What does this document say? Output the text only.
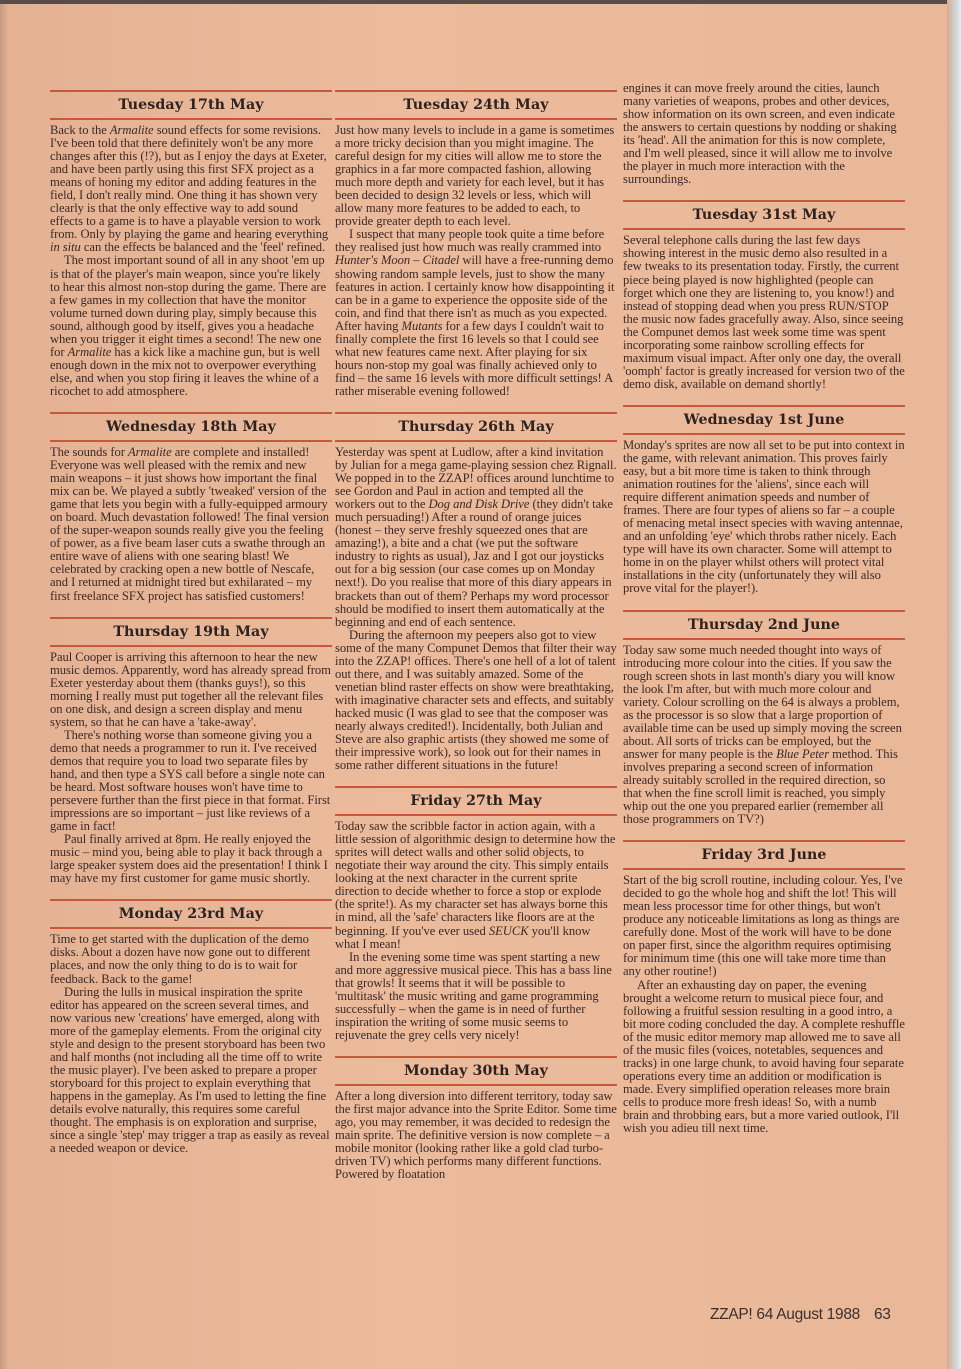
Tuesday 17th May

Back to the Armalite sound effects for some revisions. I've been told that there definitely won't be any more changes after this (!?), but as I enjoy the days at Exeter, and have been partly using this first SFX project as a means of honing my editor and adding features in the field, I don't really mind. One thing it has shown very clearly is that the only effective way to add sound effects to a game is to have a playable version to work from. Only by playing the game and hearing everything in situ can the effects be balanced and the 'feel' refined.

The most important sound of all in any shoot 'em up is that of the player's main weapon, since you're likely to hear this almost non-stop during the game. There are a few games in my collection that have the monitor volume turned down during play, simply because this sound, although good by itself, gives you a headache when you trigger it eight times a second! The new one for Armalite has a kick like a machine gun, but is well enough down in the mix not to overpower everything else, and when you stop firing it leaves the whine of a ricochet to add atmosphere.

Wednesday 18th May

The sounds for Armalite are complete and installed! Everyone was well pleased with the remix and new main weapons – it just shows how important the final mix can be. We played a subtly 'tweaked' version of the game that lets you begin with a fully-equipped armoury on board. Much devastation followed! The final version of the super-weapon sounds really give you the feeling of power, as a five beam laser cuts a swathe through an entire wave of aliens with one searing blast! We celebrated by cracking open a new bottle of Nescafe, and I returned at midnight tired but exhilarated – my first freelance SFX project has satisfied customers!

Thursday 19th May

Paul Cooper is arriving this afternoon to hear the new music demos. Apparently, word has already spread from Exeter yesterday about them (thanks guys!), so this morning I really must put together all the relevant files on one disk, and design a screen display and menu system, so that he can have a 'take-away'.

There's nothing worse than someone giving you a demo that needs a programmer to run it. I've received demos that require you to load two separate files by hand, and then type a SYS call before a single note can be heard. Most software houses won't have time to persevere further than the first piece in that format. First impressions are so important – just like reviews of a game in fact!

Paul finally arrived at 8pm. He really enjoyed the music – mind you, being able to play it back through a large speaker system does aid the presentation! I think I may have my first customer for game music shortly.

Monday 23rd May

Time to get started with the duplication of the demo disks. About a dozen have now gone out to different places, and now the only thing to do is to wait for feedback. Back to the game!

During the lulls in musical inspiration the sprite editor has appeared on the screen several times, and now various new 'creations' have emerged, along with more of the gameplay elements. From the original city style and design to the present storyboard has been two and half months (not including all the time off to write the music player). I've been asked to prepare a proper storyboard for this project to explain everything that happens in the gameplay. As I'm used to letting the fine details evolve naturally, this requires some careful thought. The emphasis is on exploration and surprise, since a single 'step' may trigger a trap as easily as reveal a needed weapon or device.

Tuesday 24th May

Just how many levels to include in a game is sometimes a more tricky decision than you might imagine. The careful design for my cities will allow me to store the graphics in a far more compacted fashion, allowing much more depth and variety for each level, but it has been decided to design 32 levels or less, which will allow many more features to be added to each, to provide greater depth to each level.

I suspect that many people took quite a time before they realised just how much was really crammed into Hunter's Moon – Citadel will have a free-running demo showing random sample levels, just to show the many features in action. I certainly know how disappointing it can be in a game to experience the opposite side of the coin, and find that there isn't as much as you expected. After having Mutants for a few days I couldn't wait to finally complete the first 16 levels so that I could see what new features came next. After playing for six hours non-stop my goal was finally achieved only to find – the same 16 levels with more difficult settings! A rather miserable evening followed!

Thursday 26th May

Yesterday was spent at Ludlow, after a kind invitation by Julian for a mega game-playing session chez Rignall. We popped in to the ZZAP! offices around lunchtime to see Gordon and Paul in action and tempted all the workers out to the Dog and Disk Drive (they didn't take much persuading!) After a round of orange juices (honest – they serve freshly squeezed ones that are amazing!), a bite and a chat (we put the software industry to rights as usual), Jaz and I got our joysticks out for a big session (our case comes up on Monday next!). Do you realise that more of this diary appears in brackets than out of them? Perhaps my word processor should be modified to insert them automatically at the beginning and end of each sentence.

During the afternoon my peepers also got to view some of the many Compunet Demos that filter their way into the ZZAP! offices. There's one hell of a lot of talent out there, and I was suitably amazed. Some of the venetian blind raster effects on show were breathtaking, with imaginative character sets and effects, and suitably hacked music (I was glad to see that the composer was nearly always credited!). Incidentally, both Julian and Steve are also graphic artists (they showed me some of their impressive work), so look out for their names in some rather different situations in the future!

Friday 27th May

Today saw the scribble factor in action again, with a little session of algorithmic design to determine how the sprites will detect walls and other solid objects, to negotiate their way around the city. This simply entails looking at the next character in the current sprite direction to decide whether to force a stop or explode (the sprite!). As my character set has always borne this in mind, all the 'safe' characters like floors are at the beginning. If you've ever used SEUCK you'll know what I mean!

In the evening some time was spent starting a new and more aggressive musical piece. This has a bass line that growls! It seems that it will be possible to 'multitask' the music writing and game programming successfully – when the game is in need of further inspiration the writing of some music seems to rejuvenate the grey cells very nicely!

Monday 30th May

After a long diversion into different territory, today saw the first major advance into the Sprite Editor. Some time ago, you may remember, it was decided to redesign the main sprite. The definitive version is now complete – a mobile monitor (looking rather like a gold clad turbo-driven TV) which performs many different functions. Powered by floatation

engines it can move freely around the cities, launch many varieties of weapons, probes and other devices, show information on its own screen, and even indicate the answers to certain questions by nodding or shaking its 'head'. All the animation for this is now complete, and I'm well pleased, since it will allow me to involve the player in much more interaction with the surroundings.

Tuesday 31st May

Several telephone calls during the last few days showing interest in the music demo also resulted in a few tweaks to its presentation today. Firstly, the current piece being played is now highlighted (people can forget which one they are listening to, you know!) and instead of stopping dead when you press RUN/STOP the music now fades gracefully away. Also, since seeing the Compunet demos last week some time was spent incorporating some rainbow scrolling effects for maximum visual impact. After only one day, the overall 'oomph' factor is greatly increased for version two of the demo disk, available on demand shortly!

Wednesday 1st June

Monday's sprites are now all set to be put into context in the game, with relevant animation. This proves fairly easy, but a bit more time is taken to think through animation routines for the 'aliens', since each will require different animation speeds and number of frames. There are four types of aliens so far – a couple of menacing metal insect species with waving antennae, and an unfolding 'eye' which throbs rather nicely. Each type will have its own character. Some will attempt to home in on the player whilst others will protect vital installations in the city (unfortunately they will also prove vital for the player!).

Thursday 2nd June

Today saw some much needed thought into ways of introducing more colour into the cities. If you saw the rough screen shots in last month's diary you will know the look I'm after, but with much more colour and variety. Colour scrolling on the 64 is always a problem, as the processor is so slow that a large proportion of available time can be used up simply moving the screen about. All sorts of tricks can be employed, but the answer for many people is the Blue Peter method. This involves preparing a second screen of information already suitably scrolled in the required direction, so that when the fine scroll limit is reached, you simply whip out the one you prepared earlier (remember all those programmers on TV?)

Friday 3rd June

Start of the big scroll routine, including colour. Yes, I've decided to go the whole hog and shift the lot! This will mean less processor time for other things, but won't produce any noticeable limitations as long as things are carefully done. Most of the work will have to be done on paper first, since the algorithm requires optimising for minimum time (this one will take more time than any other routine!)

After an exhausting day on paper, the evening brought a welcome return to musical piece four, and following a fruitful session resulting in a good intro, a bit more coding concluded the day. A complete reshuffle of the music editor memory map allowed me to save all of the music files (voices, notetables, sequences and tracks) in one large chunk, to avoid having four separate operations every time an addition or modification is made. Every simplified operation releases more brain cells to produce more fresh ideas! So, with a numb brain and throbbing ears, but a more varied outlook, I'll wish you adieu till next time.

ZZAP! 64 August 1988 63
